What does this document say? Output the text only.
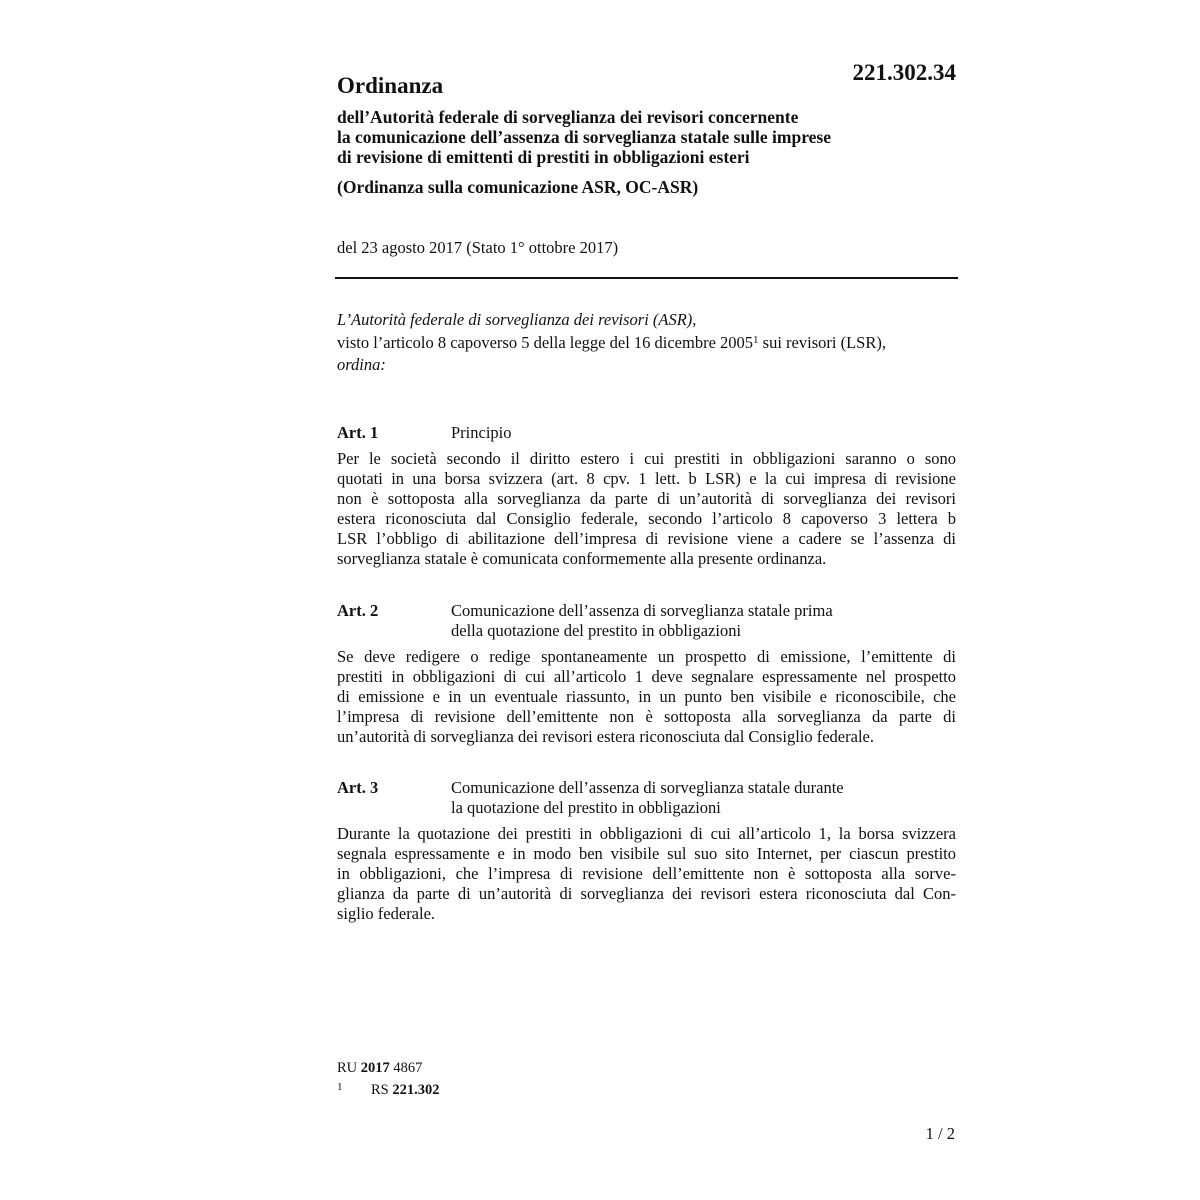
221.302.34
Ordinanza
dell’Autorità federale di sorveglianza dei revisori concernente
la comunicazione dell’assenza di sorveglianza statale sulle imprese
di revisione di emittenti di prestiti in obbligazioni esteri
(Ordinanza sulla comunicazione ASR, OC-ASR)
del 23 agosto 2017 (Stato 1° ottobre 2017)
L’Autorità federale di sorveglianza dei revisori (ASR),
visto l’articolo 8 capoverso 5 della legge del 16 dicembre 2005$^1$ sui revisori (LSR),
ordina:
Art. 1	Principio
Per le società secondo il diritto estero i cui prestiti in obbligazioni saranno o sono
quotati in una borsa svizzera (art. 8 cpv. 1 lett. b LSR) e la cui impresa di revisione
non è sottoposta alla sorveglianza da parte di un’autorità di sorveglianza dei revisori
estera riconosciuta dal Consiglio federale, secondo l’articolo 8 capoverso 3 lettera b
LSR l’obbligo di abilitazione dell’impresa di revisione viene a cadere se l’assenza di
sorveglianza statale è comunicata conformemente alla presente ordinanza.
Art. 2	Comunicazione dell’assenza di sorveglianza statale prima
della quotazione del prestito in obbligazioni
Se deve redigere o redige spontaneamente un prospetto di emissione, l’emittente di
prestiti in obbligazioni di cui all’articolo 1 deve segnalare espressamente nel prospetto
di emissione e in un eventuale riassunto, in un punto ben visibile e riconoscibile, che
l’impresa di revisione dell’emittente non è sottoposta alla sorveglianza da parte di
un’autorità di sorveglianza dei revisori estera riconosciuta dal Consiglio federale.
Art. 3	Comunicazione dell’assenza di sorveglianza statale durante
la quotazione del prestito in obbligazioni
Durante la quotazione dei prestiti in obbligazioni di cui all’articolo 1, la borsa svizzera
segnala espressamente e in modo ben visibile sul suo sito Internet, per ciascun prestito
in obbligazioni, che l’impresa di revisione dell’emittente non è sottoposta alla sorve-
glianza da parte di un’autorità di sorveglianza dei revisori estera riconosciuta dal Con-
siglio federale.
RU 2017 4867
1 RS 221.302
1 / 2
